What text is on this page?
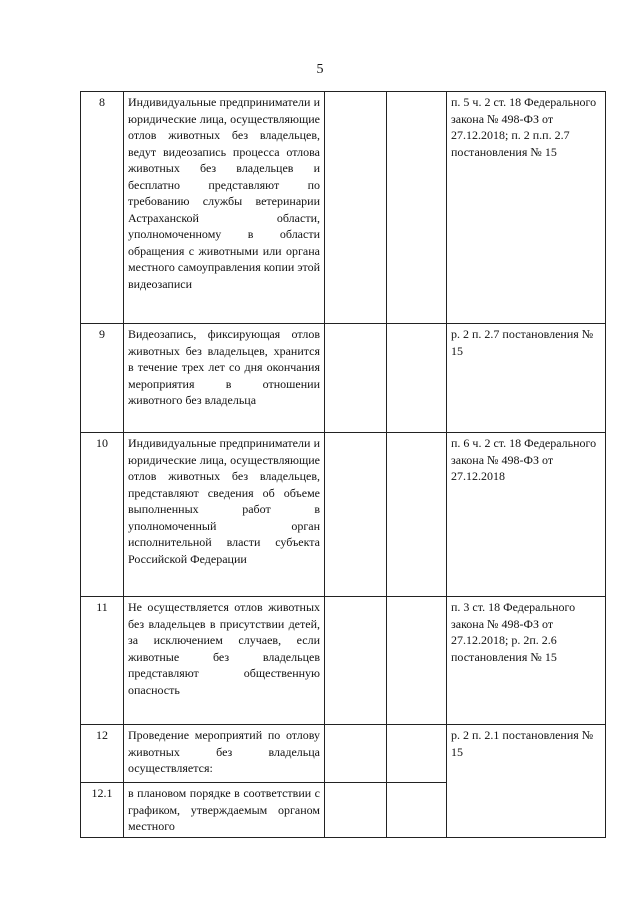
5
8	Индивидуальные предприниматели и юридические лица, осуществляющие отлов животных без владельцев, ведут видеозапись процесса отлова животных без владельцев и бесплатно представляют по требованию службы ветеринарии Астраханской области, уполномоченному в области обращения с животными или органа местного самоуправления копии этой видеозаписи			п. 5 ч. 2 ст. 18 Федерального закона № 498-ФЗ от 27.12.2018; п. 2 п.п. 2.7 постановления № 15
9	Видеозапись, фиксирующая отлов животных без владельцев, хранится в течение трех лет со дня окончания мероприятия в отношении животного без владельца			р. 2 п. 2.7 постановления № 15
10	Индивидуальные предприниматели и юридические лица, осуществляющие отлов животных без владельцев, представляют сведения об объеме выполненных работ в уполномоченный орган исполнительной власти субъекта Российской Федерации			п. 6 ч. 2 ст. 18 Федерального закона № 498-ФЗ от 27.12.2018
11	Не осуществляется отлов животных без владельцев в присутствии детей, за исключением случаев, если животные без владельцев представляют общественную опасность			п. 3 ст. 18 Федерального закона № 498-ФЗ от 27.12.2018; р. 2п. 2.6 постановления № 15
12	Проведение мероприятий по отлову животных без владельца осуществляется:			р. 2 п. 2.1 постановления № 15
12.1	в плановом порядке в соответствии с графиком, утверждаемым органом местного			
